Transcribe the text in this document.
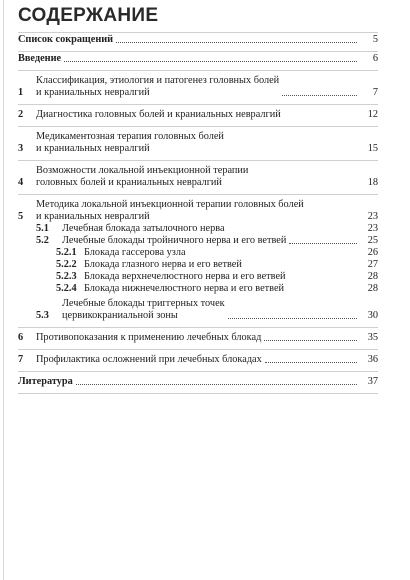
СОДЕРЖАНИЕ
Список сокращений	5
Введение	6
1
Классификация, этиология и патогенез головных болей
и краниальных невралгий	7
2	Диагностика головных болей и краниальных невралгий	12
3
Медикаментозная терапия головных болей
и краниальных невралгий	15
4
Возможности локальной инъекционной терапии
головных болей и краниальных невралгий	18
5
Методика локальной инъекционной терапии головных болей
и краниальных невралгий	23
5.1	Лечебная блокада затылочного нерва	23
5.2	Лечебные блокады тройничного нерва и его ветвей	25
5.2.1 Блокада гассерова узла	26
5.2.2 Блокада глазного нерва и его ветвей	27
5.2.3 Блокада верхнечелюстного нерва и его ветвей	28
5.2.4 Блокада нижнечелюстного нерва и его ветвей	28
5.3
Лечебные блокады триггерных точек
цервикокраниальной зоны	30
6	Противопоказания к применению лечебных блокад	35
7	Профилактика осложнений при лечебных блокадах	36
Литература	37
